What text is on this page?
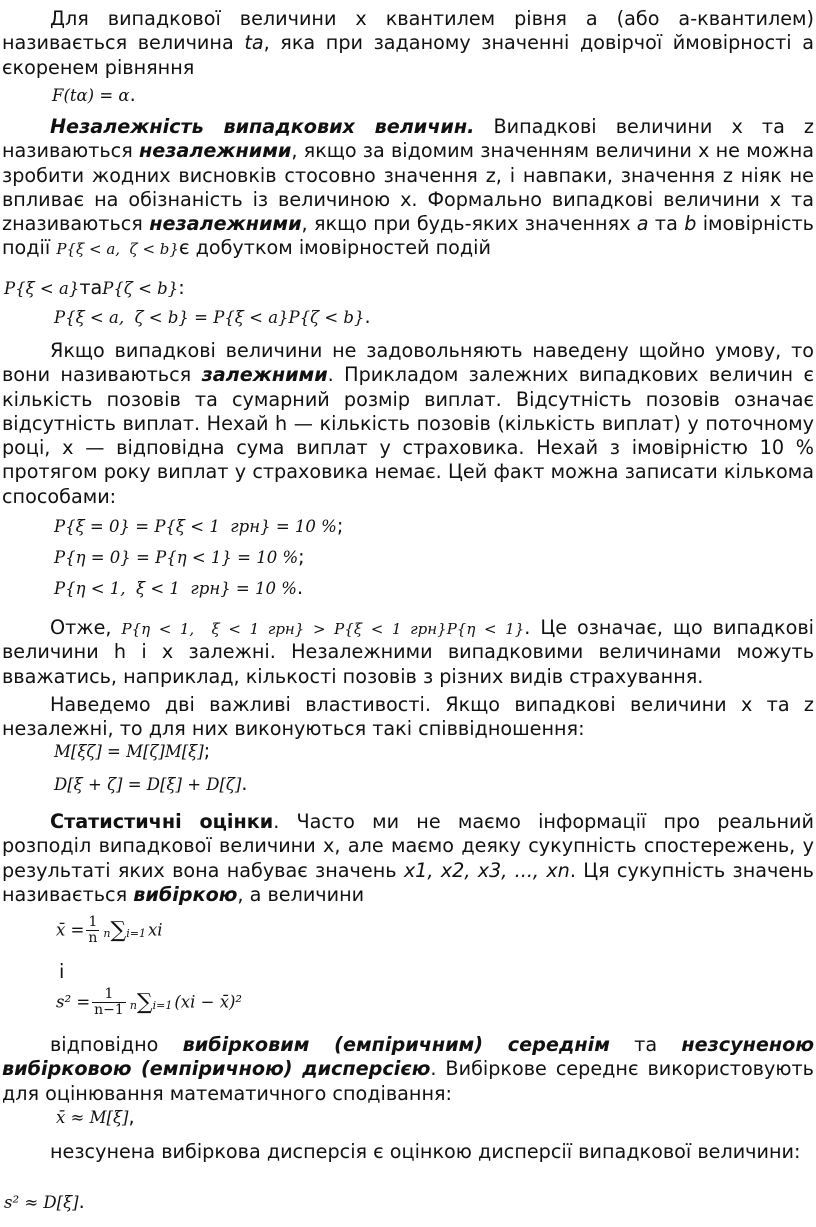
Для випадкової величини x квантилем рівня a (або a-квантилем) називається величина ta, яка при заданому значенні довірчої ймовірності a єкоренем рівняння

F(tα) = α.

Незалежність випадкових величин. Випадкові величини x та z називаються незалежними, якщо за відомим значенням величини x не можна зробити жодних висновків стосовно значення z, і навпаки, значення z ніяк не впливає на обізнаність із величиною x. Формально випадкові величини x та zназиваються незалежними, якщо при будь-яких значеннях a та b імовірність події P{ξ < a,  ζ < b}є добутком імовірностей подій

P{ξ < a}таP{ζ < b}:
P{ξ < a,  ζ < b} = P{ξ < a}P{ζ < b}.

Якщо випадкові величини не задовольняють наведену щойно умову, то вони називаються залежними. Прикладом залежних випадкових величин є кількість позовів та сумарний розмір виплат. Відсутність позовів означає відсутність виплат. Нехай h — кількість позовів (кількість виплат) у поточному році, x — відповідна сума виплат у страховика. Нехай з імовірністю 10 % протягом року виплат у страховика немає. Цей факт можна записати кількома способами:

P{ξ = 0} = P{ξ < 1  грн} = 10 %;
P{η = 0} = P{η < 1} = 10 %;
P{η < 1,  ξ < 1  грн} = 10 %.

Отже, P{η < 1,  ξ < 1 грн} > P{ξ < 1 грн}P{η < 1}. Це означає, що випадкові величини h і x залежні. Незалежними випадковими величинами можуть вважатись, наприклад, кількості позовів з різних видів страхування.

Наведемо дві важливі властивості. Якщо випадкові величини x та z незалежні, то для них виконуються такі співвідношення:

M[ξζ] = M[ζ]M[ξ];
D[ξ + ζ] = D[ξ] + D[ζ].

Статистичні оцінки. Часто ми не маємо інформації про реальний розподіл випадкової величини x, але маємо деяку сукупність спостережень, у результаті яких вона набуває значень x1, x2, x3, ..., xn. Ця сукупність значень називається вибіркою, а величини

x̄ = $\frac{1}{n} n\sum i=1$ xi
і
$s^2 = \frac{1}{n-1} n\sum i=1$ (xi − x̄)²

відповідно вибірковим (емпіричним) середнім та незсуненою вибірковою (емпіричною) дисперсією. Вибіркове середнє використовують для оцінювання математичного сподівання:

x̄ ≈ M[ξ],

незсунена вибіркова дисперсія є оцінкою дисперсії випадкової величини:

s² ≈ D[ξ].
